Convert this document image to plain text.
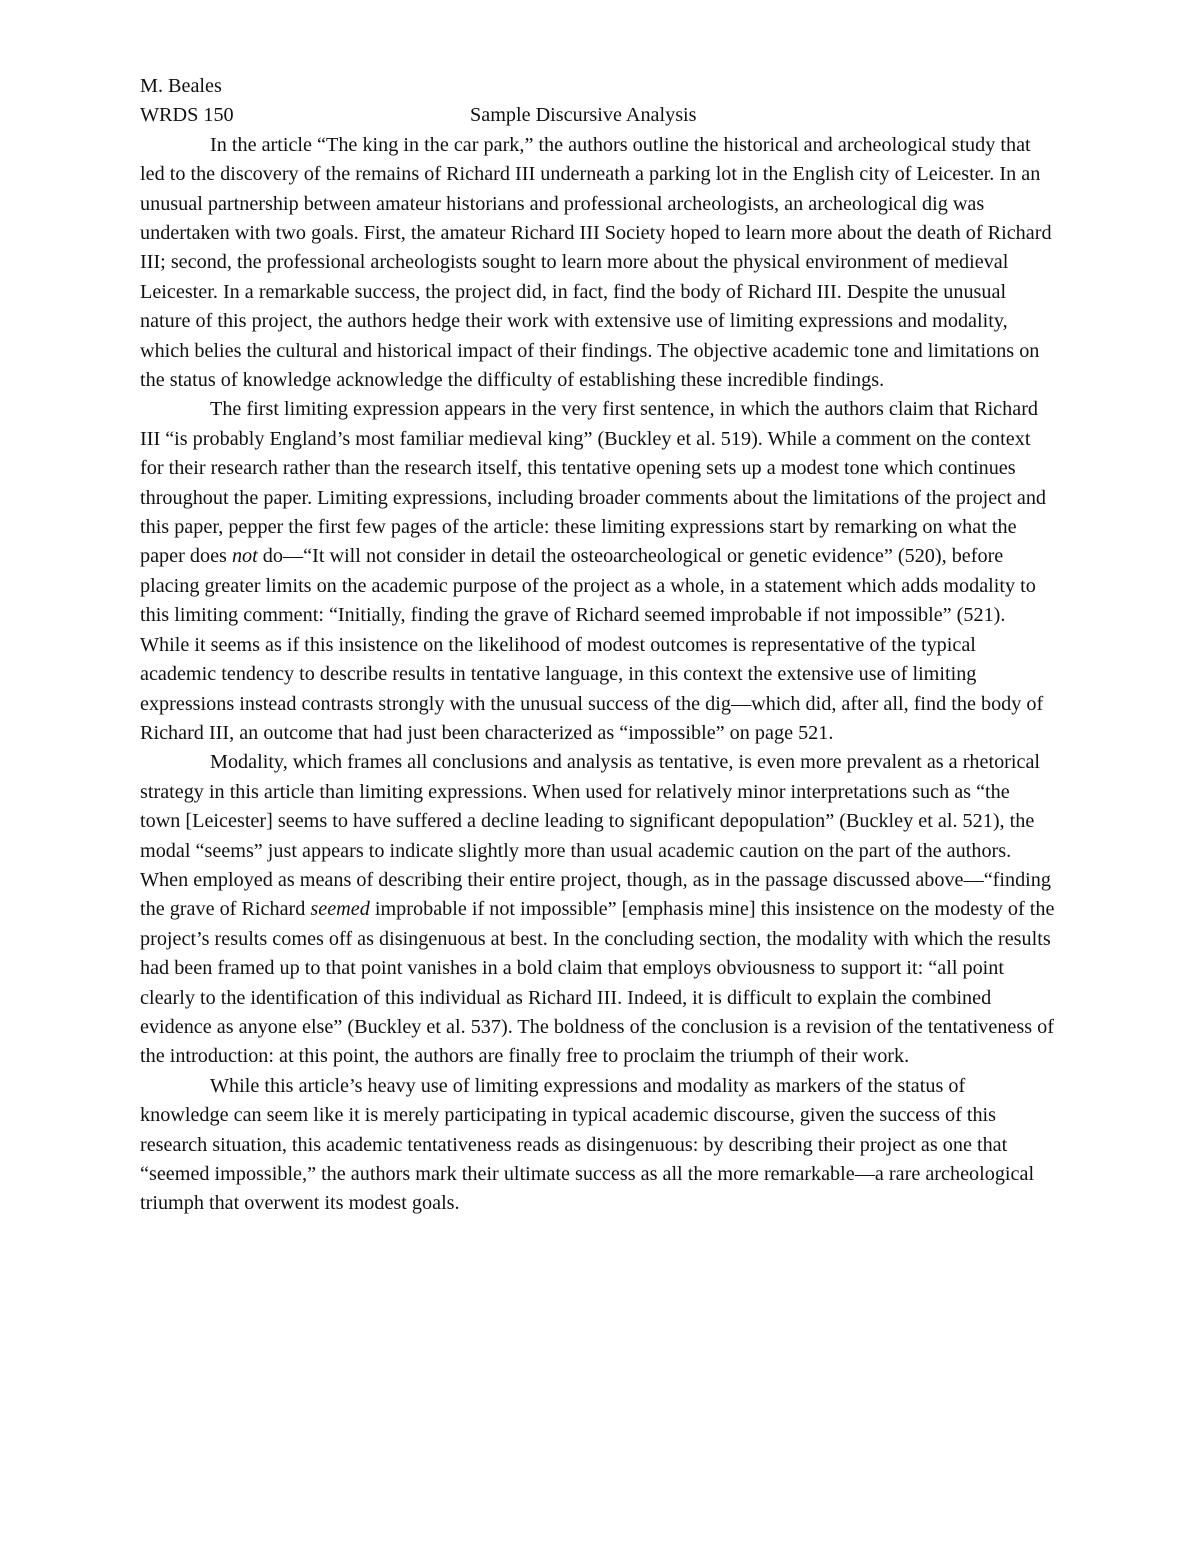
M. Beales
WRDS 150	Sample Discursive Analysis

In the article “The king in the car park,” the authors outline the historical and archeological study that led to the discovery of the remains of Richard III underneath a parking lot in the English city of Leicester. In an unusual partnership between amateur historians and professional archeologists, an archeological dig was undertaken with two goals. First, the amateur Richard III Society hoped to learn more about the death of Richard III; second, the professional archeologists sought to learn more about the physical environment of medieval Leicester. In a remarkable success, the project did, in fact, find the body of Richard III. Despite the unusual nature of this project, the authors hedge their work with extensive use of limiting expressions and modality, which belies the cultural and historical impact of their findings. The objective academic tone and limitations on the status of knowledge acknowledge the difficulty of establishing these incredible findings.

The first limiting expression appears in the very first sentence, in which the authors claim that Richard III “is probably England’s most familiar medieval king” (Buckley et al. 519). While a comment on the context for their research rather than the research itself, this tentative opening sets up a modest tone which continues throughout the paper. Limiting expressions, including broader comments about the limitations of the project and this paper, pepper the first few pages of the article: these limiting expressions start by remarking on what the paper does not do—“It will not consider in detail the osteoarcheological or genetic evidence” (520), before placing greater limits on the academic purpose of the project as a whole, in a statement which adds modality to this limiting comment: “Initially, finding the grave of Richard seemed improbable if not impossible” (521). While it seems as if this insistence on the likelihood of modest outcomes is representative of the typical academic tendency to describe results in tentative language, in this context the extensive use of limiting expressions instead contrasts strongly with the unusual success of the dig—which did, after all, find the body of Richard III, an outcome that had just been characterized as “impossible” on page 521.

Modality, which frames all conclusions and analysis as tentative, is even more prevalent as a rhetorical strategy in this article than limiting expressions. When used for relatively minor interpretations such as “the town [Leicester] seems to have suffered a decline leading to significant depopulation” (Buckley et al. 521), the modal “seems” just appears to indicate slightly more than usual academic caution on the part of the authors. When employed as means of describing their entire project, though, as in the passage discussed above—“finding the grave of Richard seemed improbable if not impossible” [emphasis mine] this insistence on the modesty of the project’s results comes off as disingenuous at best. In the concluding section, the modality with which the results had been framed up to that point vanishes in a bold claim that employs obviousness to support it: “all point clearly to the identification of this individual as Richard III. Indeed, it is difficult to explain the combined evidence as anyone else” (Buckley et al. 537). The boldness of the conclusion is a revision of the tentativeness of the introduction: at this point, the authors are finally free to proclaim the triumph of their work.

While this article’s heavy use of limiting expressions and modality as markers of the status of knowledge can seem like it is merely participating in typical academic discourse, given the success of this research situation, this academic tentativeness reads as disingenuous: by describing their project as one that “seemed impossible,” the authors mark their ultimate success as all the more remarkable—a rare archeological triumph that overwent its modest goals.
